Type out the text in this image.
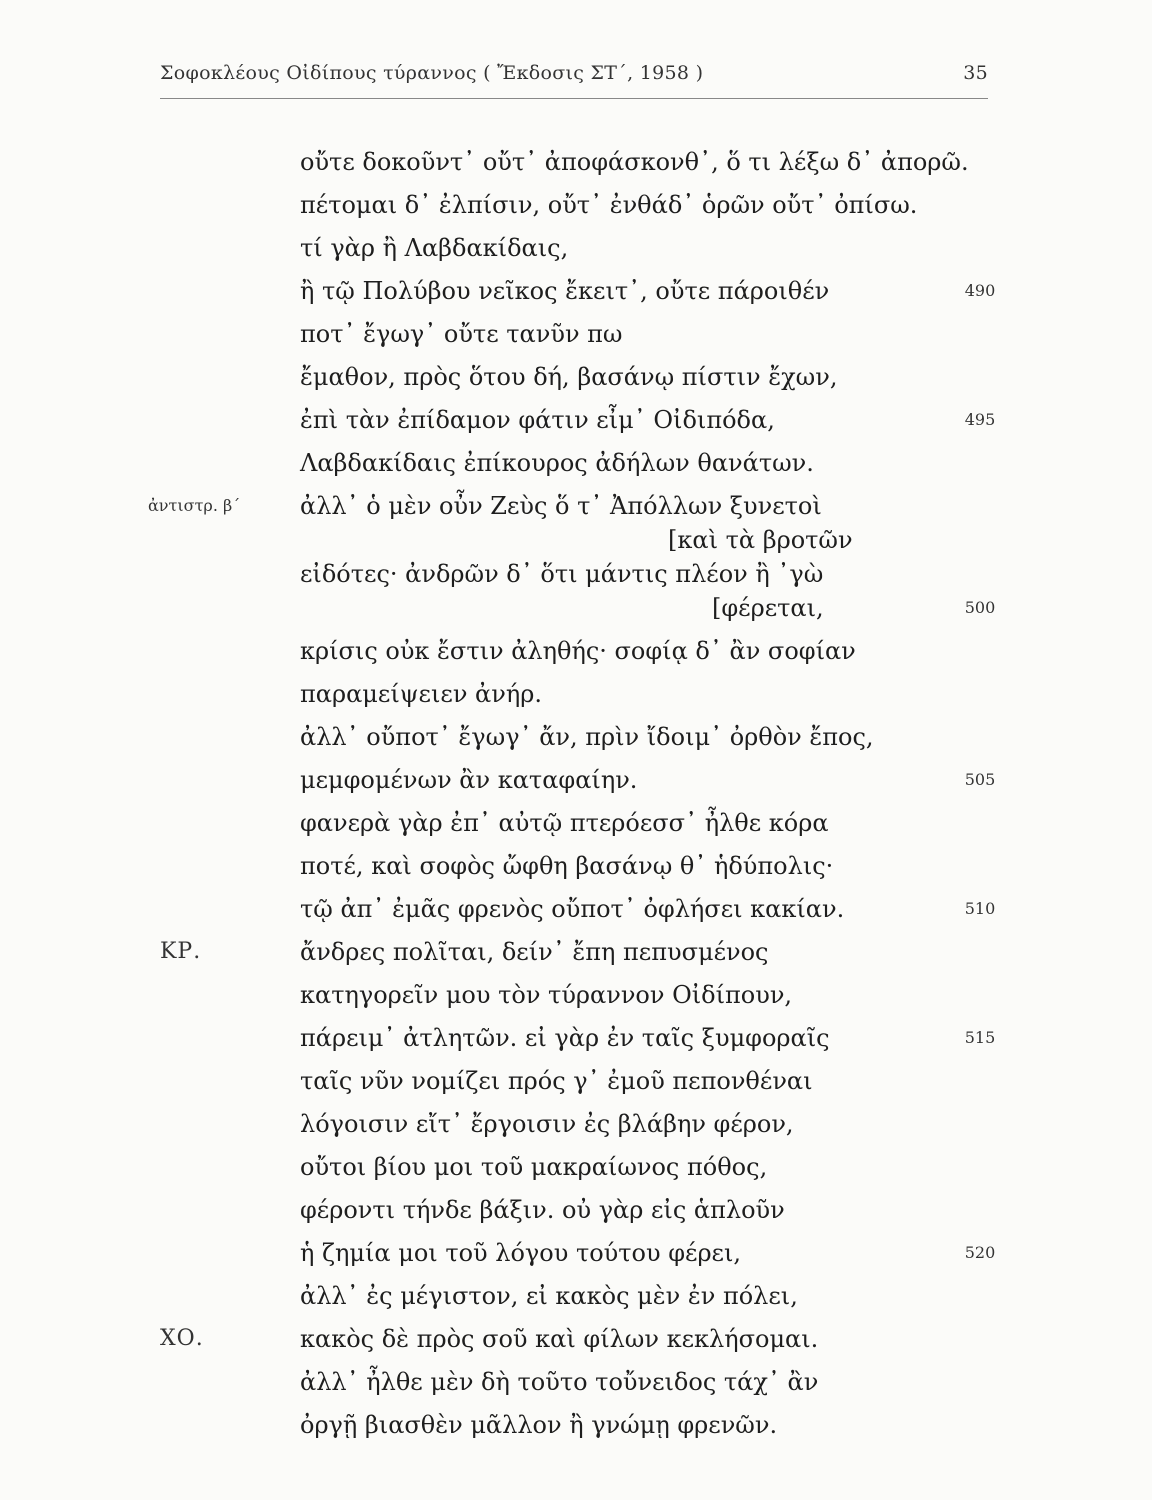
Σοφοκλέους Οἰδίπους τύραννος ( Ἔκδοσις ΣΤ΄, 1958 )	35
οὔτε δοκοῦντ᾽ οὔτ᾽ ἀποφάσκονθ᾽, ὅ τι λέξω δ᾽ ἀπορῶ.
πέτομαι δ᾽ ἐλπίσιν, οὔτ᾽ ἐνθάδ᾽ ὁρῶν οὔτ᾽ ὀπίσω.
τί γὰρ ἢ Λαβδακίδαις,
ἢ τῷ Πολύβου νεῖκος ἔκειτ᾽, οὔτε πάροιθέν
ποτ᾽ ἔγωγ᾽ οὔτε τανῦν πω
ἔμαθον, πρὸς ὅτου δή, βασάνῳ πίστιν ἔχων,
ἐπὶ τὰν ἐπίδαμον φάτιν εἶμ᾽ Οἰδιπόδα,
Λαβδακίδαις ἐπίκουρος ἀδήλων θανάτων.
ἀλλ᾽ ὁ μὲν οὖν Ζεὺς ὅ τ᾽ Ἀπόλλων ξυνετοὶ
[καὶ τὰ βροτῶν
εἰδότες· ἀνδρῶν δ᾽ ὅτι μάντις πλέον ἢ ᾽γὼ
[φέρεται,
κρίσις οὐκ ἔστιν ἀληθής· σοφίᾳ δ᾽ ἂν σοφίαν
παραμείψειεν ἀνήρ.
ἀλλ᾽ οὔποτ᾽ ἔγωγ᾽ ἄν, πρὶν ἴδοιμ᾽ ὀρθὸν ἔπος,
μεμφομένων ἂν καταφαίην.
φανερὰ γὰρ ἐπ᾽ αὐτῷ πτερόεσσ᾽ ἦλθε κόρα
ποτέ, καὶ σοφὸς ὤφθη βασάνῳ θ᾽ ἡδύπολις·
τῷ ἀπ᾽ ἐμᾶς φρενὸς οὔποτ᾽ ὀφλήσει κακίαν.
ἄνδρες πολῖται, δείν᾽ ἔπη πεπυσμένος
κατηγορεῖν μου τὸν τύραννον Οἰδίπουν,
πάρειμ᾽ ἀτλητῶν. εἰ γὰρ ἐν ταῖς ξυμφοραῖς
ταῖς νῦν νομίζει πρός γ᾽ ἐμοῦ πεπονθέναι
λόγοισιν εἴτ᾽ ἔργοισιν ἐς βλάβην φέρον,
οὔτοι βίου μοι τοῦ μακραίωνος πόθος,
φέροντι τήνδε βάξιν. οὐ γὰρ εἰς ἁπλοῦν
ἡ ζημία μοι τοῦ λόγου τούτου φέρει,
ἀλλ᾽ ἐς μέγιστον, εἰ κακὸς μὲν ἐν πόλει,
κακὸς δὲ πρὸς σοῦ καὶ φίλων κεκλήσομαι.
ἀλλ᾽ ἦλθε μὲν δὴ τοῦτο τοὔνειδος τάχ᾽ ἂν
ὀργῇ βιασθὲν μᾶλλον ἢ γνώμῃ φρενῶν.
ἀντιστρ. β΄
ΚΡ.
ΧΟ.
490
495
500
505
510
515
520
